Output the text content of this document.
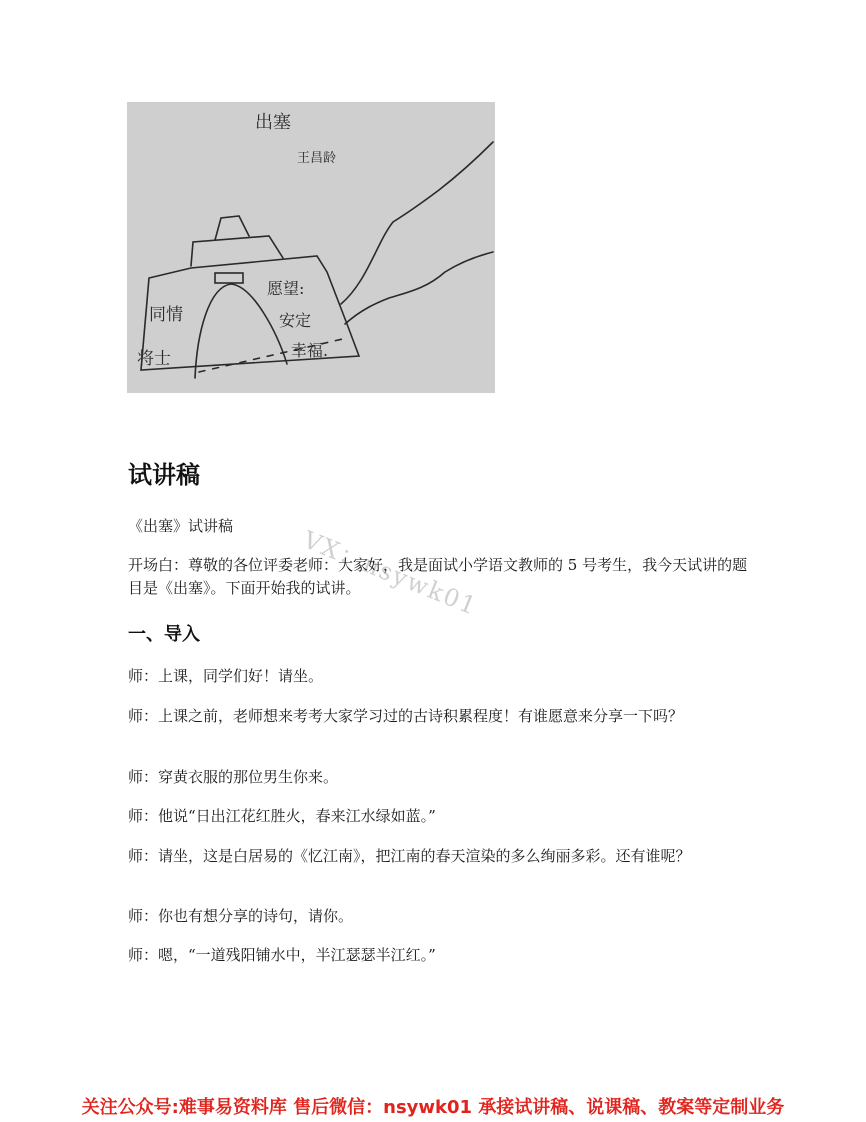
出塞
王昌龄
同情
将士
愿望:
安定
幸福.
试讲稿

《出塞》试讲稿	VX：nsywk01

开场白：尊敬的各位评委老师：大家好，我是面试小学语文教师的 5 号考生，我今天试讲的题目是《出塞》。下面开始我的试讲。

一、导入

师：上课，同学们好！请坐。

师：上课之前，老师想来考考大家学习过的古诗积累程度！有谁愿意来分享一下吗？

师：穿黄衣服的那位男生你来。

师：他说“日出江花红胜火，春来江水绿如蓝。”

师：请坐，这是白居易的《忆江南》，把江南的春天渲染的多么绚丽多彩。还有谁呢？

师：你也有想分享的诗句，请你。

师：嗯，“一道残阳铺水中，半江瑟瑟半江红。”

关注公众号:难事易资料库 售后微信：nsywk01 承接试讲稿、说课稿、教案等定制业务
